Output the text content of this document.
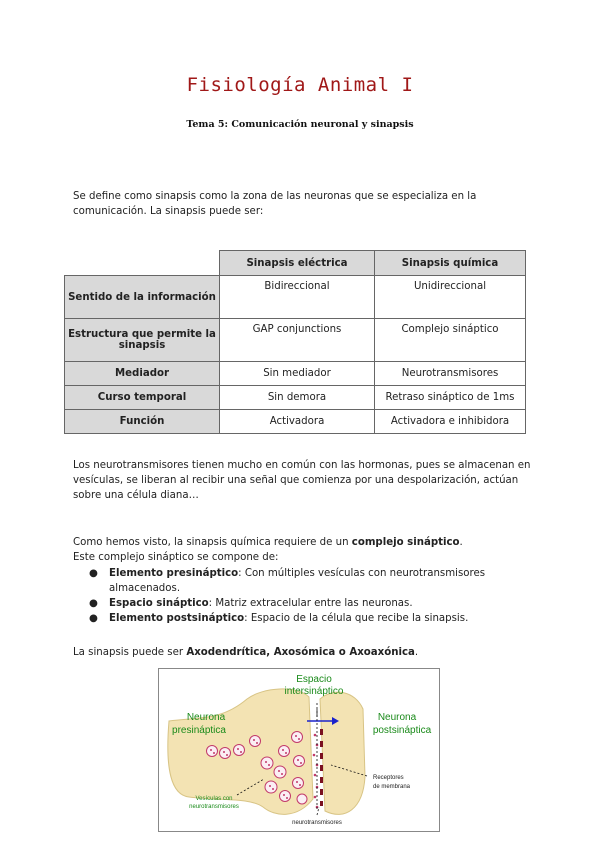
Fisiología Animal I
Tema 5: Comunicación neuronal y sinapsis
Se define como sinapsis como la zona de las neuronas que se especializa en la comunicación. La sinapsis puede ser:
	Sinapsis eléctrica	Sinapsis química
Sentido de la información	Bidireccional	Unidireccional
Estructura que permite la sinapsis	GAP conjunctions	Complejo sináptico
Mediador	Sin mediador	Neurotransmisores
Curso temporal	Sin demora	Retraso sináptico de 1ms
Función	Activadora	Activadora e inhibidora
Los neurotransmisores tienen mucho en común con las hormonas, pues se almacenan en vesículas, se liberan al recibir una señal que comienza por una despolarización, actúan sobre una célula diana…
Como hemos visto, la sinapsis química requiere de un complejo sináptico.
Este complejo sináptico se compone de:
● Elemento presináptico: Con múltiples vesículas con neurotransmisores almacenados.
● Espacio sináptico: Matriz extracelular entre las neuronas.
● Elemento postsináptico: Espacio de la célula que recibe la sinapsis.
La sinapsis puede ser Axodendrítica, Axosómica o Axoaxónica.
Espacio
intersináptico
Neurona
presináptica
Neurona
postsináptica
Receptores
de membrana
Vesículas con
neurotransmisores
neurotransmisores
